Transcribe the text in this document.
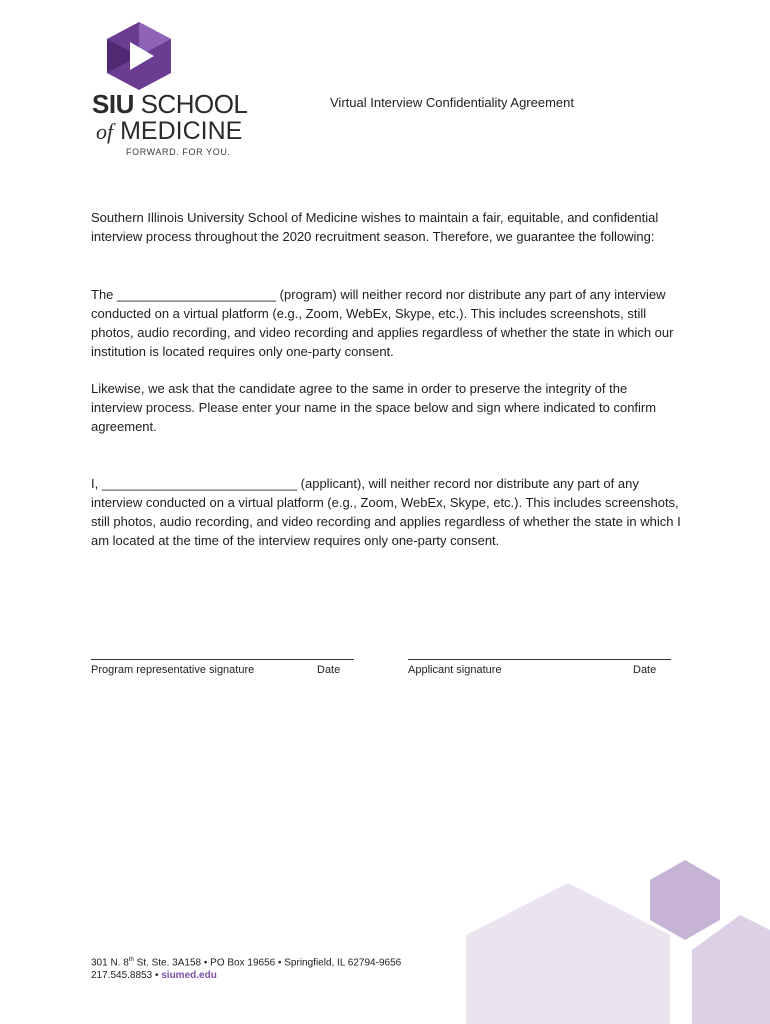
SIU SCHOOL
of MEDICINE
FORWARD. FOR YOU.
Virtual Interview Confidentiality Agreement

Southern Illinois University School of Medicine wishes to maintain a fair, equitable, and confidential interview process throughout the 2020 recruitment season. Therefore, we guarantee the following:

The ______________________ (program) will neither record nor distribute any part of any interview conducted on a virtual platform (e.g., Zoom, WebEx, Skype, etc.). This includes screenshots, still photos, audio recording, and video recording and applies regardless of whether the state in which our institution is located requires only one-party consent.

Likewise, we ask that the candidate agree to the same in order to preserve the integrity of the interview process. Please enter your name in the space below and sign where indicated to confirm agreement.

I, ___________________________ (applicant), will neither record nor distribute any part of any interview conducted on a virtual platform (e.g., Zoom, WebEx, Skype, etc.). This includes screenshots, still photos, audio recording, and video recording and applies regardless of whether the state in which I am located at the time of the interview requires only one-party consent.

Program representative signature	Date	Applicant signature	Date
301 N. 8th St. Ste. 3A158 • PO Box 19656 • Springfield, IL 62794-9656
217.545.8853 • siumed.edu
